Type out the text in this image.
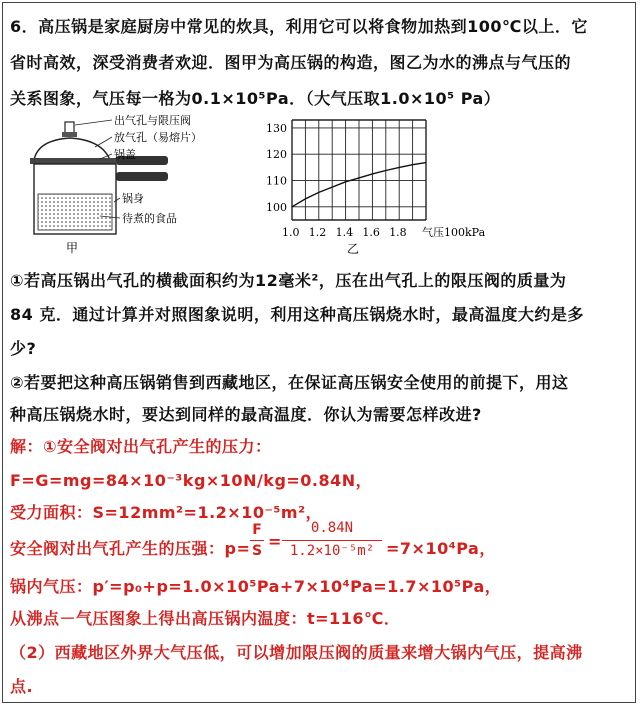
6．高压锅是家庭厨房中常见的炊具，利用它可以将食物加热到100℃以上．它
省时高效，深受消费者欢迎．图甲为高压锅的构造，图乙为水的沸点与气压的
关系图象，气压每一格为0.1×10⁵Pa．（大气压取1.0×10⁵ Pa）
出气孔与限压阀
放气孔（易熔片）
锅盖
锅身
待煮的食品
甲
100
110
120
130
1.0 1.2 1.4 1.6 1.8 气压100kPa
乙
①若高压锅出气孔的横截面积约为12毫米²，压在出气孔上的限压阀的质量为
84 克．通过计算并对照图象说明，利用这种高压锅烧水时，最高温度大约是多
少?
②若要把这种高压锅销售到西藏地区，在保证高压锅安全使用的前提下，用这
种高压锅烧水时，要达到同样的最高温度．你认为需要怎样改进?
解：①安全阀对出气孔产生的压力：
F=G=mg=84×10⁻³kg×10N/kg=0.84N，
受力面积：S=12mm²=1.2×10⁻⁵m²，
安全阀对出气孔产生的压强：p=
F
S =
0.84N
1.2×10⁻⁵m² =7×10⁴Pa，
锅内气压：p′=p₀+p=1.0×10⁵Pa+7×10⁴Pa=1.7×10⁵Pa，
从沸点－气压图象上得出高压锅内温度：t=116℃．
（2）西藏地区外界大气压低，可以增加限压阀的质量来增大锅内气压，提高沸
点.
